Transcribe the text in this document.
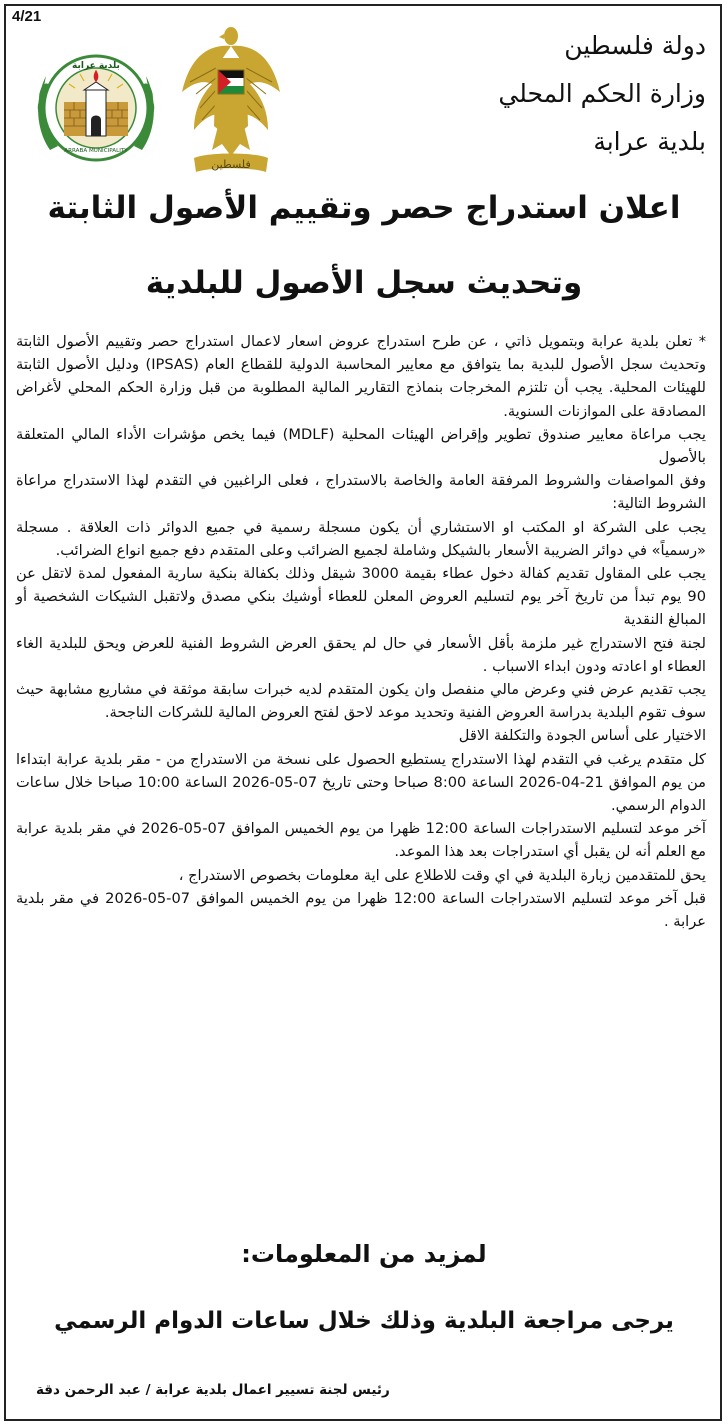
4/21
دولة فلسطين
وزارة الحكم المحلي
بلدية عرابة
فلسطين
بلدية عرابة
ARRABA MUNICIPALITY
اعلان استدراج حصر وتقييم الأصول الثابتة
وتحديث سجل الأصول للبلدية

* تعلن بلدية عرابة وبتمويل ذاتي ، عن طرح استدراج عروض اسعار لاعمال استدراج حصر وتقييم الأصول الثابتة وتحديث سجل الأصول للبدية بما يتوافق مع معايير المحاسبة الدولية للقطاع العام (IPSAS) ودليل الأصول الثابتة للهيئات المحلية. يجب أن تلتزم المخرجات بنماذج التقارير المالية المطلوبة من قبل وزارة الحكم المحلي لأغراض المصادقة على الموازنات السنوية.

يجب مراعاة معايير صندوق تطوير وإقراض الهيئات المحلية (MDLF) فيما يخص مؤشرات الأداء المالي المتعلقة بالأصول

وفق المواصفات والشروط المرفقة العامة والخاصة بالاستدراج ، فعلى الراغبين في التقدم لهذا الاستدراج مراعاة الشروط التالية:

يجب على الشركة او المكتب او الاستشاري أن يكون مسجلة رسمية في جميع الدوائر ذات العلاقة . مسجلة «رسمياً» في دوائر الضريبة الأسعار بالشيكل وشاملة لجميع الضرائب وعلى المتقدم دفع جميع انواع الضرائب.

يجب على المقاول تقديم كفالة دخول عطاء بقيمة 3000 شيقل وذلك بكفالة بنكية سارية المفعول لمدة لاتقل عن 90 يوم تبدأ من تاريخ آخر يوم لتسليم العروض المعلن للعطاء أوشيك بنكي مصدق ولاتقبل الشيكات الشخصية أو المبالغ النقدية

لجنة فتح الاستدراج غير ملزمة بأقل الأسعار في حال لم يحقق العرض الشروط الفنية للعرض ويحق للبلدية الغاء العطاء او اعادته ودون ابداء الاسباب .

يجب تقديم عرض فني وعرض مالي منفصل وان يكون المتقدم لديه خبرات سابقة موثقة في مشاريع مشابهة حيث سوف تقوم البلدية بدراسة العروض الفنية وتحديد موعد لاحق لفتح العروض المالية للشركات الناجحة.

الاختيار على أساس الجودة والتكلفة الاقل

كل متقدم يرغب في التقدم لهذا الاستدراج يستطيع الحصول على نسخة من الاستدراج من - مقر بلدية عرابة ابتداءا من يوم الموافق 21-04-2026 الساعة 8:00 صباحا وحتى تاريخ 07-05-2026 الساعة 10:00 صباحا خلال ساعات الدوام الرسمي.

آخر موعد لتسليم الاستدراجات الساعة 12:00 ظهرا من يوم الخميس الموافق 07-05-2026 في مقر بلدية عرابة مع العلم أنه لن يقبل أي استدراجات بعد هذا الموعد.

يحق للمتقدمين زيارة البلدية في اي وقت للاطلاع على اية معلومات بخصوص الاستدراج ،

قبل آخر موعد لتسليم الاستدراجات الساعة 12:00 ظهرا من يوم الخميس الموافق 07-05-2026 في مقر بلدية عرابة .

لمزيد من المعلومات:
يرجى مراجعة البلدية وذلك خلال ساعات الدوام الرسمي
رئيس لجنة تسيير اعمال بلدية عرابة / عبد الرحمن دقة
